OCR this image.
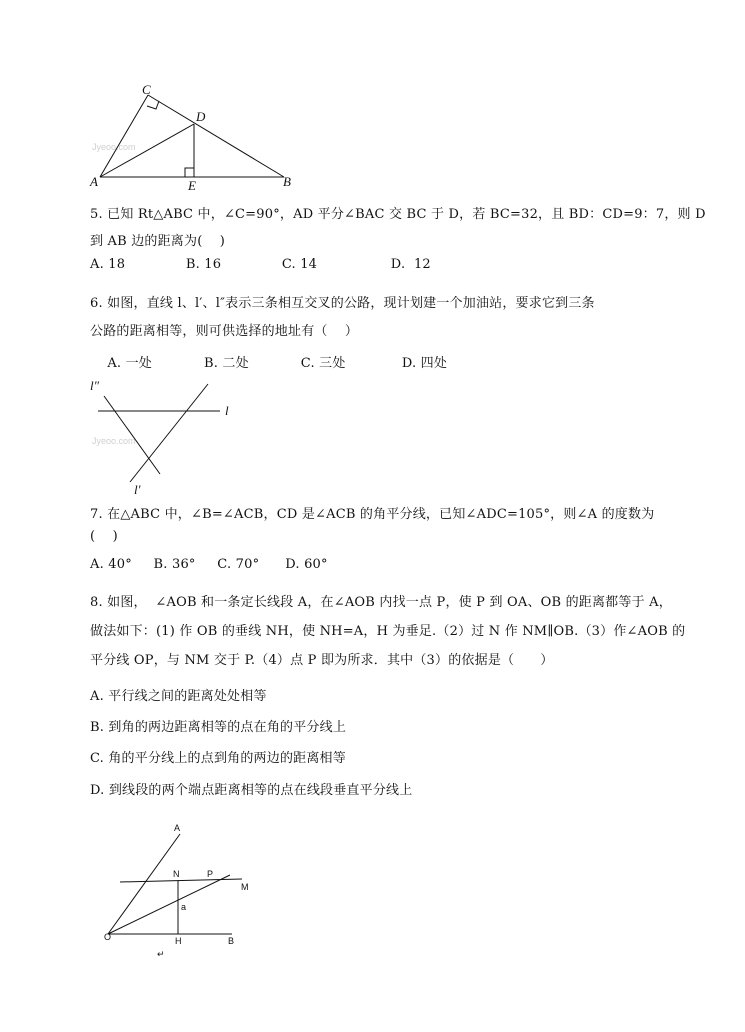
Jyeoo.com
C
D
A	E	B
5. 已知 Rt△ABC 中，∠C=90°，AD 平分∠BAC 交 BC 于 D，若 BC=32，且 BD：CD=9：7，则 D
到 AB 边的距离为(    )
A. 18              B. 16              C. 14                 D.  12
6. 如图，直线 l、l′、l″表示三条相互交叉的公路，现计划建一个加油站，要求它到三条
公路的距离相等，则可供选择的地址有（    ）
A. 一处            B. 二处            C. 三处             D. 四处
Jyeoo.com
l″
l
l′
7. 在△ABC 中，∠B=∠ACB，CD 是∠ACB 的角平分线，已知∠ADC=105°，则∠A 的度数为
(    )
A. 40°     B. 36°     C. 70°      D. 60°
8. 如图，  ∠AOB 和一条定长线段 A，在∠AOB 内找一点 P，使 P 到 OA、OB 的距离都等于 A，
做法如下：(1) 作 OB 的垂线 NH，使 NH=A，H 为垂足.（2）过 N 作 NM∥OB.（3）作∠AOB 的
平分线 OP，与 NM 交于 P.（4）点 P 即为所求．其中（3）的依据是（      ）
A. 平行线之间的距离处处相等
B. 到角的两边距离相等的点在角的平分线上
C. 角的平分线上的点到角的两边的距离相等
D. 到线段的两个端点距离相等的点在线段垂直平分线上
A
N	P
M
a
O	H	B
↵
